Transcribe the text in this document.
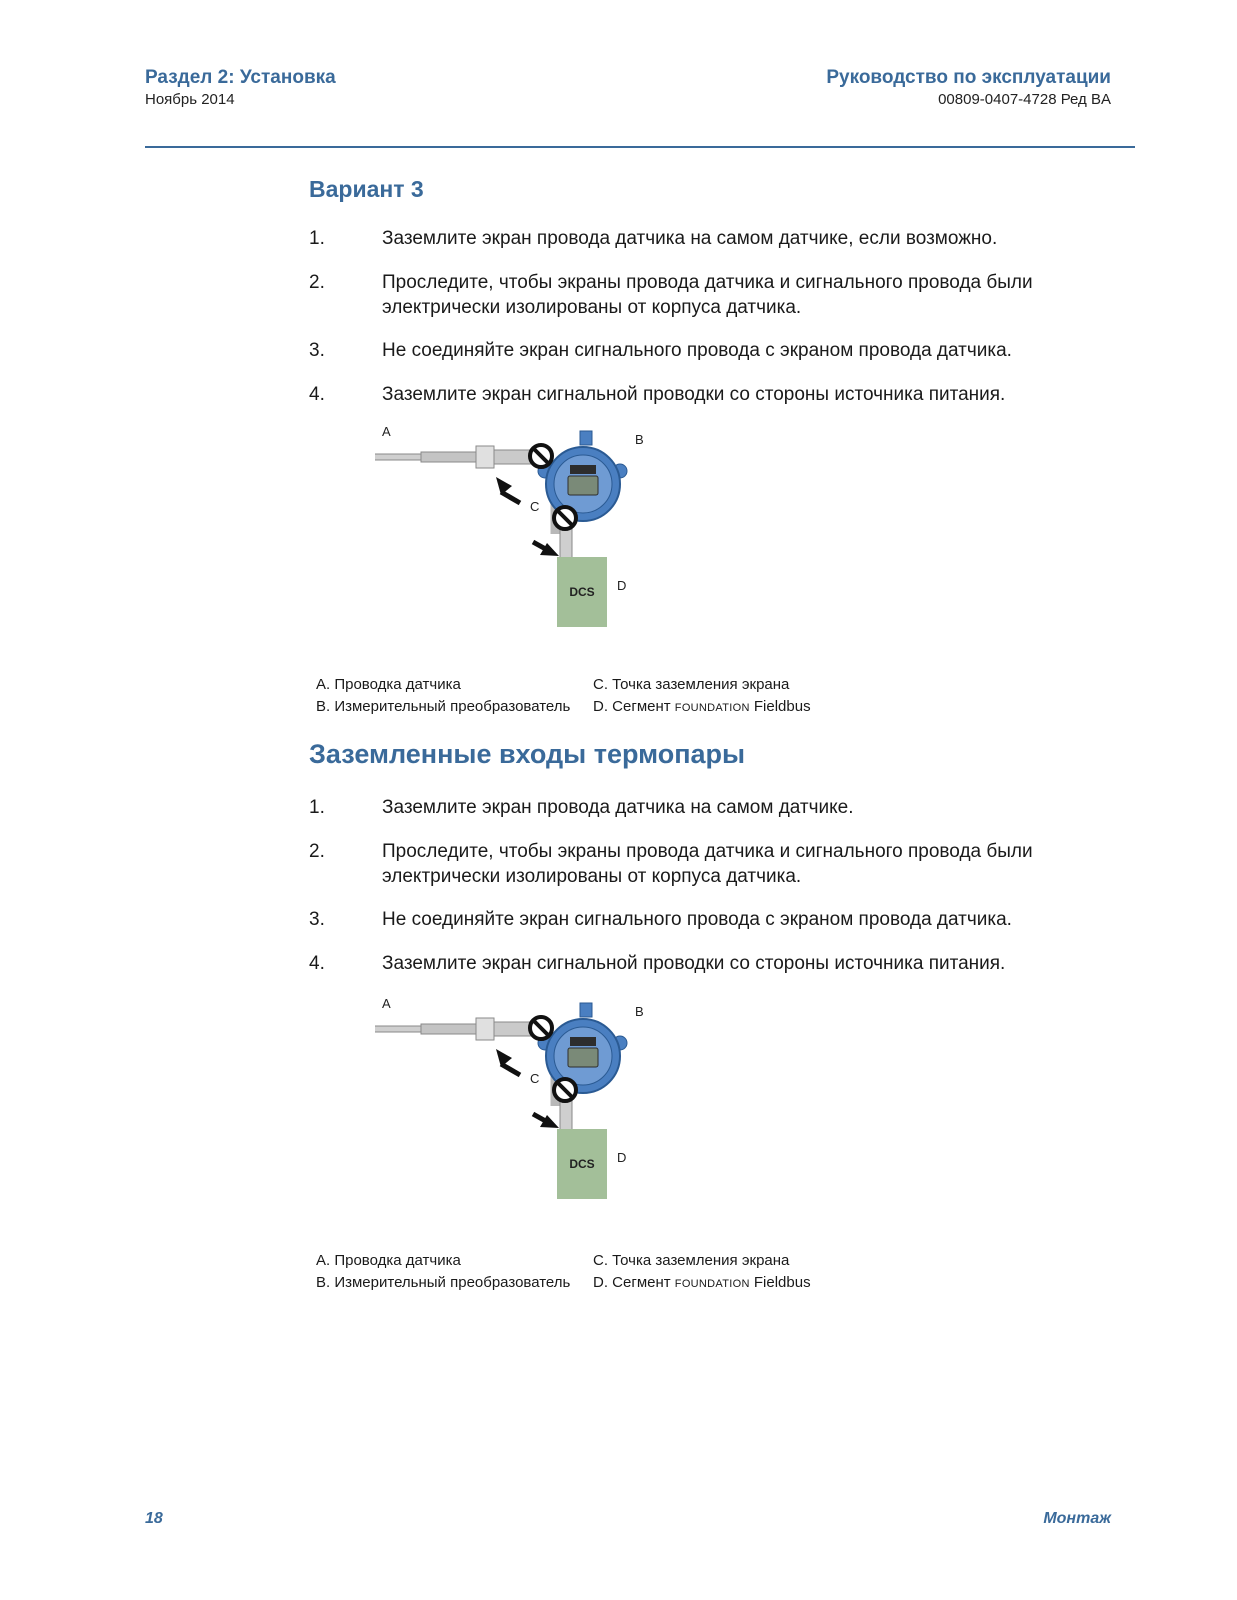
Раздел 2: Установка
Ноябрь 2014
Руководство по эксплуатации
00809-0407-4728 Ред BA
Вариант 3
1.	Заземлите экран провода датчика на самом датчике, если возможно.
2.	Проследите, чтобы экраны провода датчика и сигнального провода были электрически изолированы от корпуса датчика.
3.	Не соединяйте экран сигнального провода с экраном провода датчика.
4.	Заземлите экран сигнальной проводки со стороны источника питания.
DCS
A
B
C
D
A. Проводка датчика
B. Измерительный преобразователь
C. Точка заземления экрана
D. Сегмент FOUNDATION Fieldbus
Заземленные входы термопары
1.	Заземлите экран провода датчика на самом датчике.
2.	Проследите, чтобы экраны провода датчика и сигнального провода были электрически изолированы от корпуса датчика.
3.	Не соединяйте экран сигнального провода с экраном провода датчика.
4.	Заземлите экран сигнальной проводки со стороны источника питания.
DCS
A
B
C
D
A. Проводка датчика
B. Измерительный преобразователь
C. Точка заземления экрана
D. Сегмент FOUNDATION Fieldbus
18	Монтаж
